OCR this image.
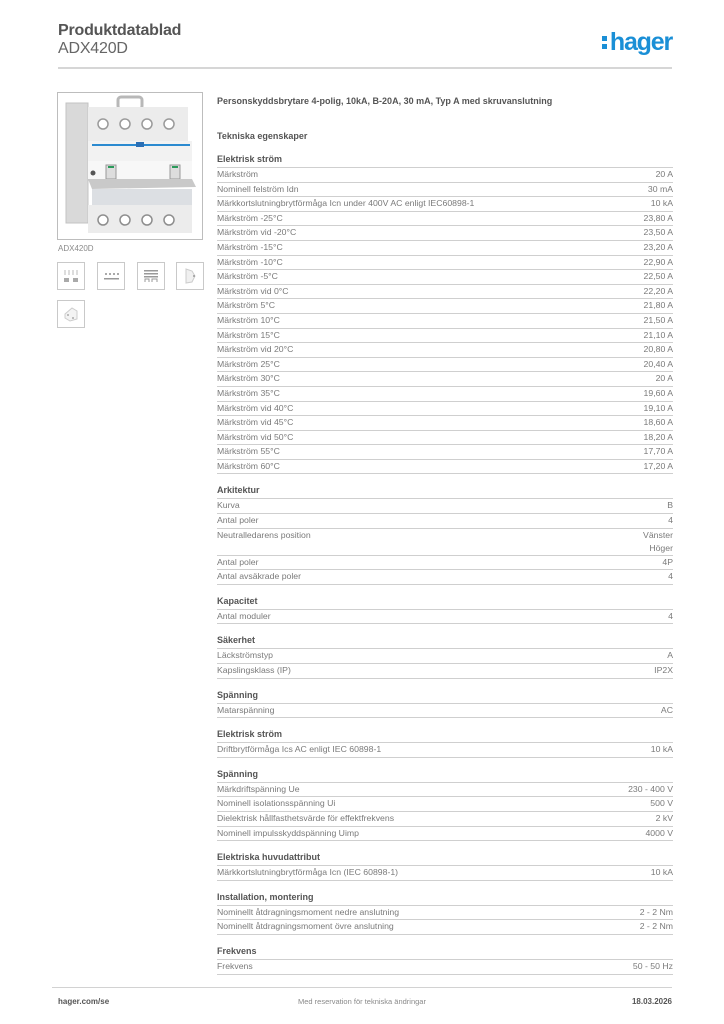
Produktdatablad
ADX420D	hager
ADX420D
Personskyddsbrytare 4-polig, 10kA, B-20A, 30 mA, Typ A med skruvanslutning
Tekniska egenskaper
Elektrisk ström
Märkström	20 A
Nominell felström Idn	30 mA
Märkkortslutningbrytförmåga Icn under 400V AC enligt IEC60898-1	10 kA
Märkström -25°C	23,80 A
Märkström vid -20°C	23,50 A
Märkström -15°C	23,20 A
Märkström -10°C	22,90 A
Märkström -5°C	22,50 A
Märkström vid 0°C	22,20 A
Märkström 5°C	21,80 A
Märkström 10°C	21,50 A
Märkström 15°C	21,10 A
Märkström vid 20°C	20,80 A
Märkström 25°C	20,40 A
Märkström 30°C	20 A
Märkström 35°C	19,60 A
Märkström vid 40°C	19,10 A
Märkström vid 45°C	18,60 A
Märkström vid 50°C	18,20 A
Märkström 55°C	17,70 A
Märkström 60°C	17,20 A
Arkitektur
Kurva	B
Antal poler	4
Neutralledarens position	Vänster
Höger
Antal poler	4P
Antal avsäkrade poler	4
Kapacitet
Antal moduler	4
Säkerhet
Läckströmstyp	A
Kapslingsklass (IP)	IP2X
Spänning
Matarspänning	AC
Elektrisk ström
Driftbrytförmåga Ics AC enligt IEC 60898-1	10 kA
Spänning
Märkdriftspänning Ue	230 - 400 V
Nominell isolationsspänning Ui	500 V
Dielektrisk hållfasthetsvärde för effektfrekvens	2 kV
Nominell impulsskyddspänning Uimp	4000 V
Elektriska huvudattribut
Märkkortslutningbrytförmåga Icn (IEC 60898-1)	10 kA
Installation, montering
Nominellt åtdragningsmoment nedre anslutning	2 - 2 Nm
Nominellt åtdragningsmoment övre anslutning	2 - 2 Nm
Frekvens
Frekvens	50 - 50 Hz
hager.com/se	Med reservation för tekniska ändringar	18.03.2026
